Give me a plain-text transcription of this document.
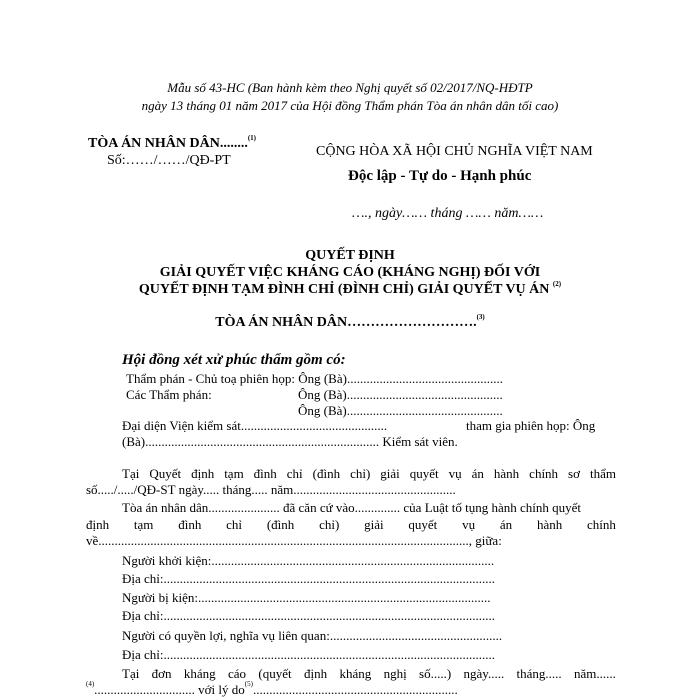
Mẫu số 43-HC (Ban hành kèm theo Nghị quyết số 02/2017/NQ-HĐTP
ngày 13 tháng 01 năm 2017 của Hội đồng Thẩm phán Tòa án nhân dân tối cao)
TÒA ÁN NHÂN DÂN........$^{(1)}$
Số:……/……/QĐ-PT
CỘNG HÒA XÃ HỘI CHỦ NGHĨA VIỆT NAM
Độc lập - Tự do - Hạnh phúc
…., ngày…… tháng …… năm……
QUYẾT ĐỊNH
GIẢI QUYẾT VIỆC KHÁNG CÁO (KHÁNG NGHỊ) ĐỐI VỚI
QUYẾT ĐỊNH TẠM ĐÌNH CHỈ (ĐÌNH CHỈ) GIẢI QUYẾT VỤ ÁN $^{(2)}$
TÒA ÁN NHÂN DÂN……………………….$^{(3)}$
Hội đồng xét xử phúc thẩm gồm có:
Thẩm phán - Chủ toạ phiên họp: Ông (Bà)................................................
Các Thẩm phán:	Ông (Bà)................................................
Ông (Bà)................................................
Đại diện Viện kiểm sát.............................................	tham gia phiên họp: Ông
(Bà)........................................................................ Kiểm sát viên.
Tại Quyết định tạm đình chỉ (đình chỉ) giải quyết vụ án hành chính sơ thẩm
số...../...../QĐ-ST ngày..... tháng..... năm..................................................
Tòa án nhân dân...................... đã căn cứ vào.............. của Luật tố tụng hành chính quyết
định tạm đình chỉ (đình chỉ) giải quyết vụ án hành chính
về.................................................................................................................., giữa:
Người khởi kiện:.......................................................................................
Địa chỉ:......................................................................................................
Người bị kiện:..........................................................................................
Địa chỉ:......................................................................................................
Người có quyền lợi, nghĩa vụ liên quan:.....................................................
Địa chỉ:......................................................................................................
Tại đơn kháng cáo (quyết định kháng nghị số.....) ngày..... tháng..... năm......
$^{(4)}$............................... với lý $do^{(5)}$...............................................................
